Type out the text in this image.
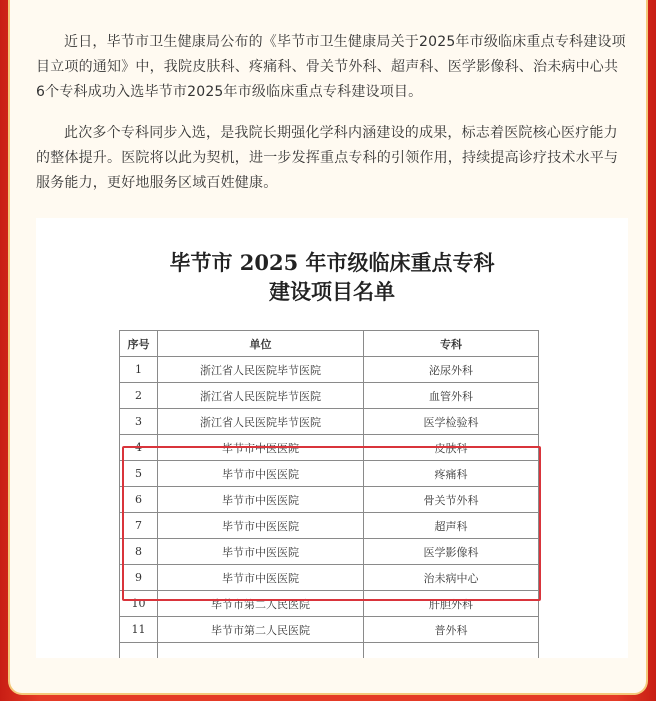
近日，毕节市卫生健康局公布的《毕节市卫生健康局关于2025年市级临床重点专科建设项目立项的通知》中，我院皮肤科、疼痛科、骨关节外科、超声科、医学影像科、治未病中心共6个专科成功入选毕节市2025年市级临床重点专科建设项目。

此次多个专科同步入选，是我院长期强化学科内涵建设的成果，标志着医院核心医疗能力的整体提升。医院将以此为契机，进一步发挥重点专科的引领作用，持续提高诊疗技术水平与服务能力，更好地服务区域百姓健康。

毕节市 2025 年市级临床重点专科
建设项目名单
序号	单位	专科
1	浙江省人民医院毕节医院	泌尿外科
2	浙江省人民医院毕节医院	血管外科
3	浙江省人民医院毕节医院	医学检验科
4	毕节市中医医院	皮肤科
5	毕节市中医医院	疼痛科
6	毕节市中医医院	骨关节外科
7	毕节市中医医院	超声科
8	毕节市中医医院	医学影像科
9	毕节市中医医院	治未病中心
10	毕节市第二人民医院	肝胆外科
11	毕节市第二人民医院	普外科
